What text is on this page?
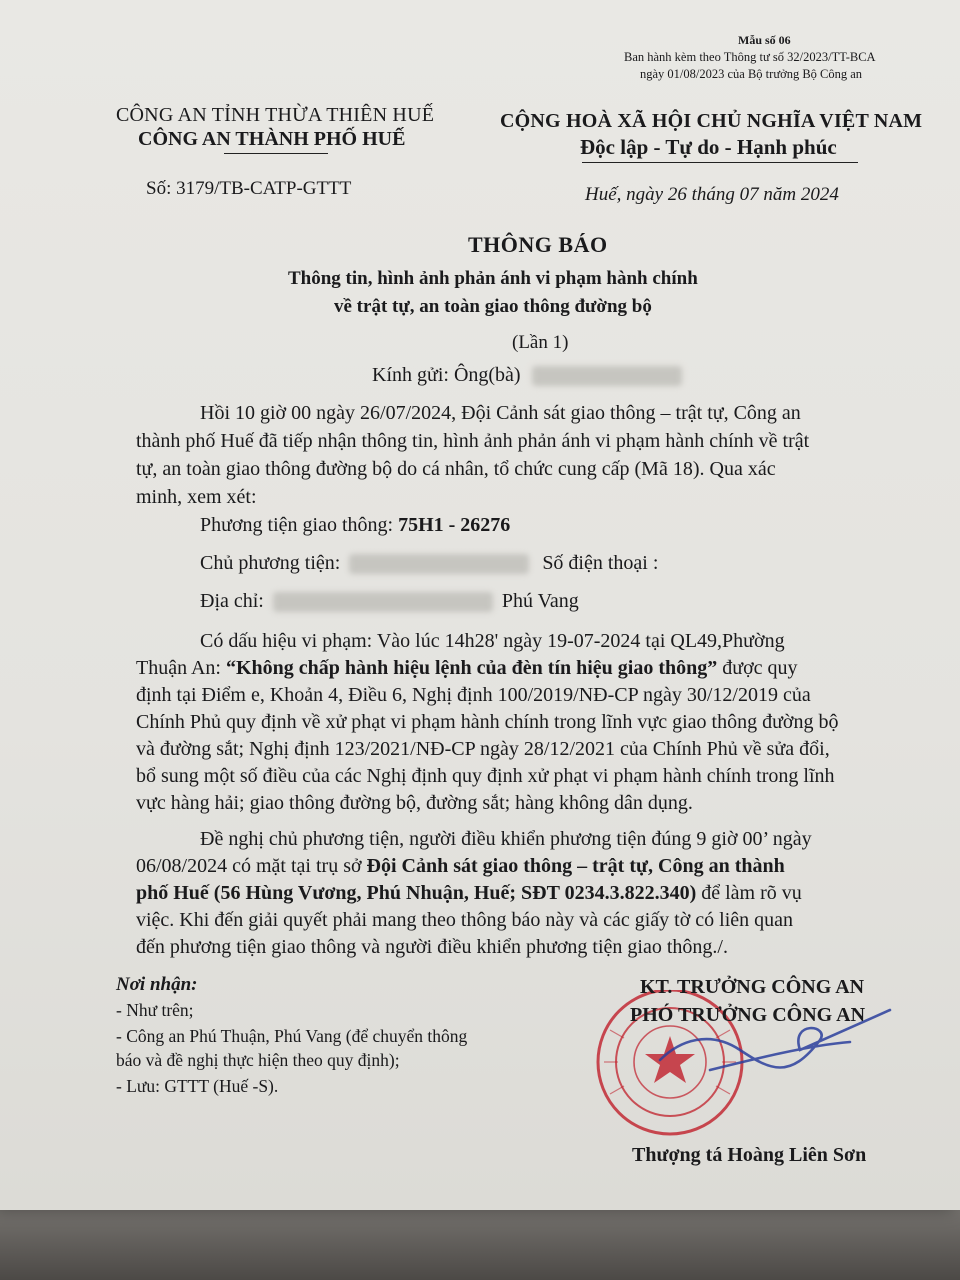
Mẫu số 06
Ban hành kèm theo Thông tư số 32/2023/TT-BCA
ngày 01/08/2023 của Bộ trưởng Bộ Công an
CÔNG AN TỈNH THỪA THIÊN HUẾ
CÔNG AN THÀNH PHỐ HUẾ
Số: 3179/TB-CATP-GTTT
CỘNG HOÀ XÃ HỘI CHỦ NGHĨA VIỆT NAM
Độc lập - Tự do - Hạnh phúc
Huế, ngày 26 tháng 07 năm 2024
THÔNG BÁO
Thông tin, hình ảnh phản ánh vi phạm hành chính
về trật tự, an toàn giao thông đường bộ
(Lần 1)
Kính gửi: Ông(bà)
Hồi 10 giờ 00 ngày 26/07/2024, Đội Cảnh sát giao thông – trật tự, Công an
thành phố Huế đã tiếp nhận thông tin, hình ảnh phản ánh vi phạm hành chính về trật
tự, an toàn giao thông đường bộ do cá nhân, tổ chức cung cấp (Mã 18). Qua xác
minh, xem xét:
Phương tiện giao thông: 75H1 - 26276
Chủ phương tiện:	Số điện thoại :
Địa chỉ:	Phú Vang
Có dấu hiệu vi phạm: Vào lúc 14h28' ngày 19-07-2024 tại QL49,Phường
Thuận An: “Không chấp hành hiệu lệnh của đèn tín hiệu giao thông” được quy
định tại Điểm e, Khoản 4, Điều 6, Nghị định 100/2019/NĐ-CP ngày 30/12/2019 của
Chính Phủ quy định về xử phạt vi phạm hành chính trong lĩnh vực giao thông đường bộ
và đường sắt; Nghị định 123/2021/NĐ-CP ngày 28/12/2021 của Chính Phủ về sửa đổi,
bổ sung một số điều của các Nghị định quy định xử phạt vi phạm hành chính trong lĩnh
vực hàng hải; giao thông đường bộ, đường sắt; hàng không dân dụng.
Đề nghị chủ phương tiện, người điều khiển phương tiện đúng 9 giờ 00’ ngày
06/08/2024 có mặt tại trụ sở Đội Cảnh sát giao thông – trật tự, Công an thành
phố Huế (56 Hùng Vương, Phú Nhuận, Huế; SĐT 0234.3.822.340) để làm rõ vụ
việc. Khi đến giải quyết phải mang theo thông báo này và các giấy tờ có liên quan
đến phương tiện giao thông và người điều khiển phương tiện giao thông./.
Nơi nhận:
- Như trên;
- Công an Phú Thuận, Phú Vang (để chuyển thông
báo và đề nghị thực hiện theo quy định);
- Lưu: GTTT (Huế -S).
KT. TRƯỞNG CÔNG AN
PHÓ TRƯỞNG CÔNG AN
Thượng tá Hoàng Liên Sơn
